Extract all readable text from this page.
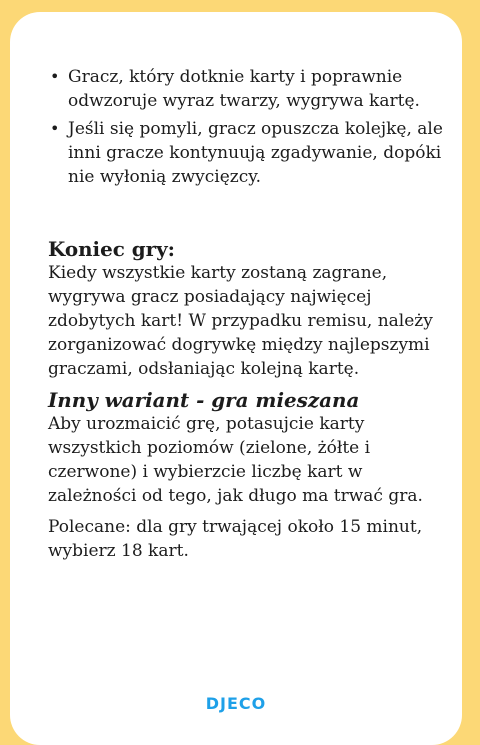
• Gracz, który dotknie karty i poprawnie odwzoruje wyraz twarzy, wygrywa kartę.
• Jeśli się pomyli, gracz opuszcza kolejkę, ale inni gracze kontynuują zgadywanie, dopóki nie wyłonią zwycięzcy.
Koniec gry:

Kiedy wszystkie karty zostaną zagrane, wygrywa gracz posiadający najwięcej zdobytych kart! W przypadku remisu, należy zorganizować dogrywkę między najlepszymi graczami, odsłaniając kolejną kartę.

Inny wariant - gra mieszana

Aby urozmaicić grę, potasujcie karty wszystkich poziomów (zielone, żółte i czerwone) i wybierzcie liczbę kart w zależności od tego, jak długo ma trwać gra.

Polecane: dla gry trwającej około 15 minut, wybierz 18 kart.

DJECO
